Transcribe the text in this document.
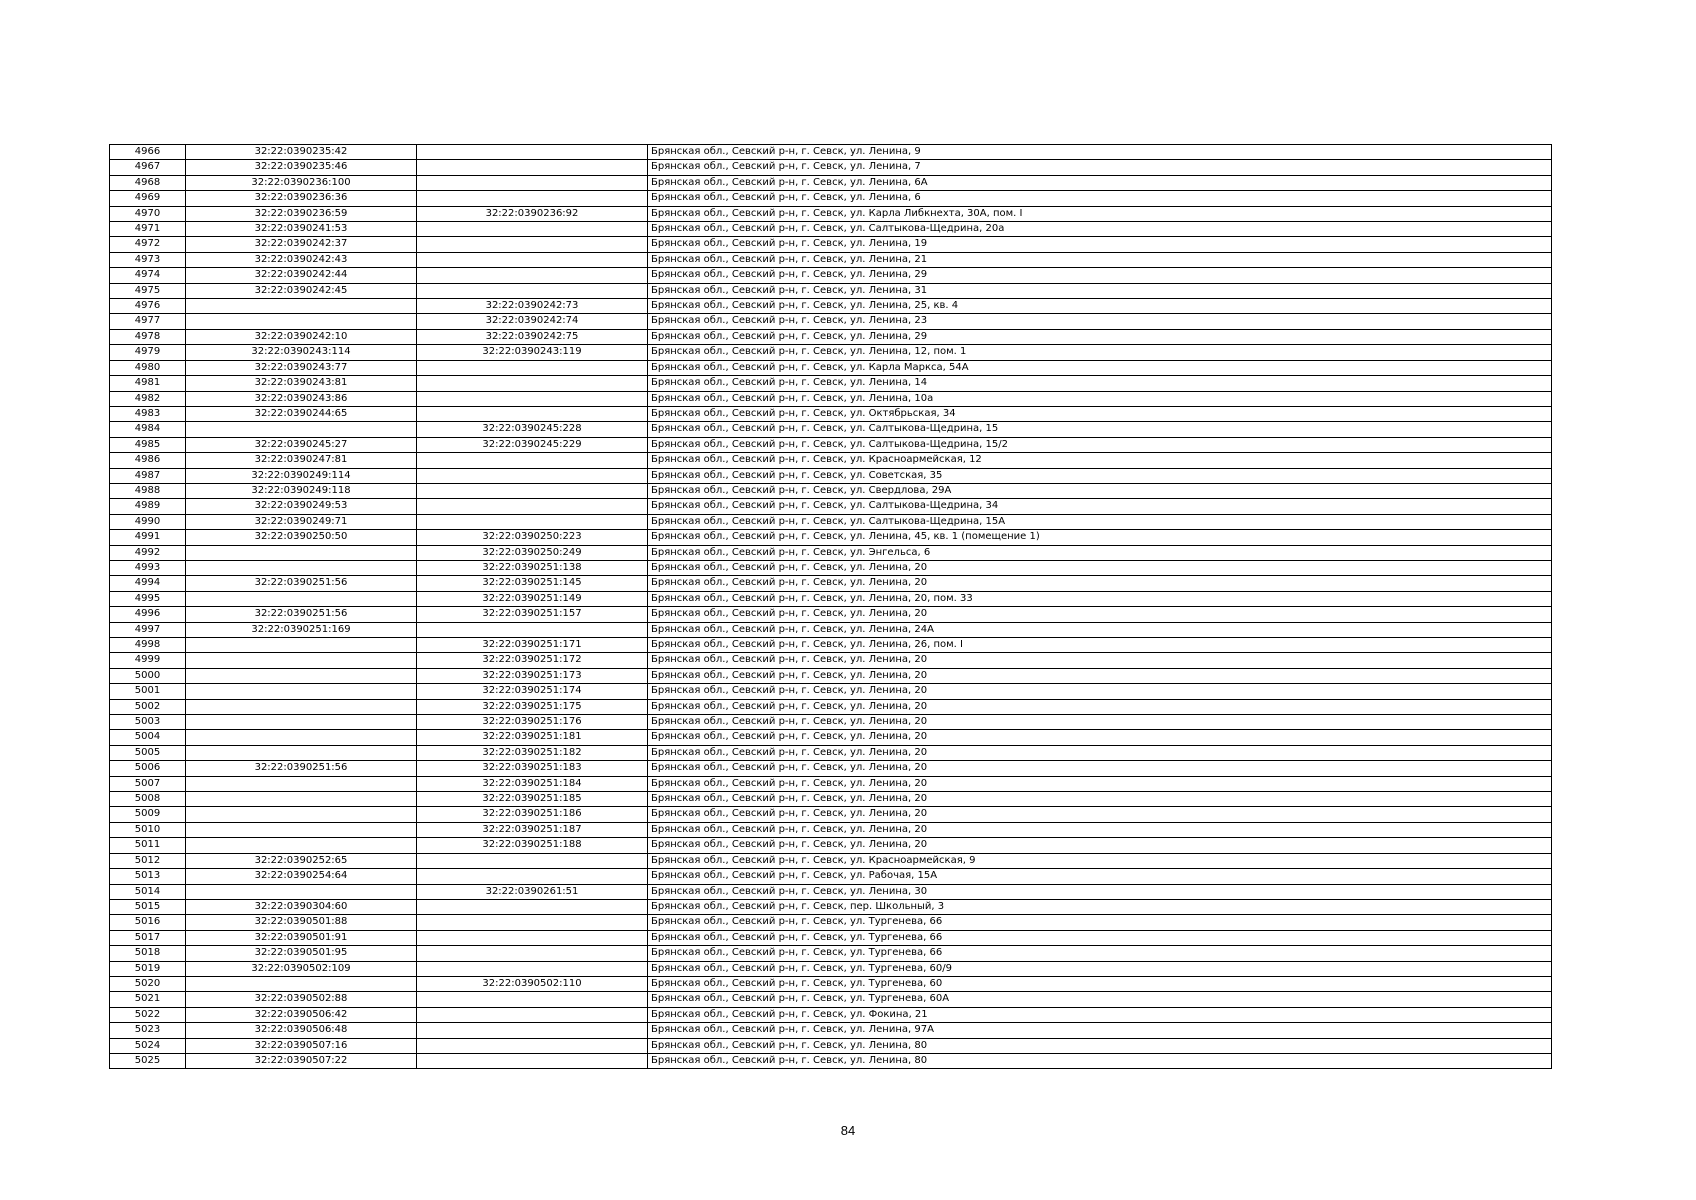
4966	32:22:0390235:42		Брянская обл., Севский р-н, г. Севск, ул. Ленина, 9
4967	32:22:0390235:46		Брянская обл., Севский р-н, г. Севск, ул. Ленина, 7
4968	32:22:0390236:100		Брянская обл., Севский р-н, г. Севск, ул. Ленина, 6А
4969	32:22:0390236:36		Брянская обл., Севский р-н, г. Севск, ул. Ленина, 6
4970	32:22:0390236:59	32:22:0390236:92	Брянская обл., Севский р-н, г. Севск, ул. Карла Либкнехта, 30А, пом. I
4971	32:22:0390241:53		Брянская обл., Севский р-н, г. Севск, ул. Салтыкова-Щедрина, 20а
4972	32:22:0390242:37		Брянская обл., Севский р-н, г. Севск, ул. Ленина, 19
4973	32:22:0390242:43		Брянская обл., Севский р-н, г. Севск, ул. Ленина, 21
4974	32:22:0390242:44		Брянская обл., Севский р-н, г. Севск, ул. Ленина, 29
4975	32:22:0390242:45		Брянская обл., Севский р-н, г. Севск, ул. Ленина, 31
4976		32:22:0390242:73	Брянская обл., Севский р-н, г. Севск, ул. Ленина, 25, кв. 4
4977		32:22:0390242:74	Брянская обл., Севский р-н, г. Севск, ул. Ленина, 23
4978	32:22:0390242:10	32:22:0390242:75	Брянская обл., Севский р-н, г. Севск, ул. Ленина, 29
4979	32:22:0390243:114	32:22:0390243:119	Брянская обл., Севский р-н, г. Севск, ул. Ленина, 12, пом. 1
4980	32:22:0390243:77		Брянская обл., Севский р-н, г. Севск, ул. Карла Маркса, 54А
4981	32:22:0390243:81		Брянская обл., Севский р-н, г. Севск, ул. Ленина, 14
4982	32:22:0390243:86		Брянская обл., Севский р-н, г. Севск, ул. Ленина, 10а
4983	32:22:0390244:65		Брянская обл., Севский р-н, г. Севск, ул. Октябрьская, 34
4984		32:22:0390245:228	Брянская обл., Севский р-н, г. Севск, ул. Салтыкова-Щедрина, 15
4985	32:22:0390245:27	32:22:0390245:229	Брянская обл., Севский р-н, г. Севск, ул. Салтыкова-Щедрина, 15/2
4986	32:22:0390247:81		Брянская обл., Севский р-н, г. Севск, ул. Красноармейская, 12
4987	32:22:0390249:114		Брянская обл., Севский р-н, г. Севск, ул. Советская, 35
4988	32:22:0390249:118		Брянская обл., Севский р-н, г. Севск, ул. Свердлова, 29А
4989	32:22:0390249:53		Брянская обл., Севский р-н, г. Севск, ул. Салтыкова-Щедрина, 34
4990	32:22:0390249:71		Брянская обл., Севский р-н, г. Севск, ул. Салтыкова-Щедрина, 15А
4991	32:22:0390250:50	32:22:0390250:223	Брянская обл., Севский р-н, г. Севск, ул. Ленина, 45, кв. 1 (помещение 1)
4992		32:22:0390250:249	Брянская обл., Севский р-н, г. Севск, ул. Энгельса, 6
4993		32:22:0390251:138	Брянская обл., Севский р-н, г. Севск, ул. Ленина, 20
4994	32:22:0390251:56	32:22:0390251:145	Брянская обл., Севский р-н, г. Севск, ул. Ленина, 20
4995		32:22:0390251:149	Брянская обл., Севский р-н, г. Севск, ул. Ленина, 20, пом. 33
4996	32:22:0390251:56	32:22:0390251:157	Брянская обл., Севский р-н, г. Севск, ул. Ленина, 20
4997	32:22:0390251:169		Брянская обл., Севский р-н, г. Севск, ул. Ленина, 24А
4998		32:22:0390251:171	Брянская обл., Севский р-н, г. Севск, ул. Ленина, 26, пом. I
4999		32:22:0390251:172	Брянская обл., Севский р-н, г. Севск, ул. Ленина, 20
5000		32:22:0390251:173	Брянская обл., Севский р-н, г. Севск, ул. Ленина, 20
5001		32:22:0390251:174	Брянская обл., Севский р-н, г. Севск, ул. Ленина, 20
5002		32:22:0390251:175	Брянская обл., Севский р-н, г. Севск, ул. Ленина, 20
5003		32:22:0390251:176	Брянская обл., Севский р-н, г. Севск, ул. Ленина, 20
5004		32:22:0390251:181	Брянская обл., Севский р-н, г. Севск, ул. Ленина, 20
5005		32:22:0390251:182	Брянская обл., Севский р-н, г. Севск, ул. Ленина, 20
5006	32:22:0390251:56	32:22:0390251:183	Брянская обл., Севский р-н, г. Севск, ул. Ленина, 20
5007		32:22:0390251:184	Брянская обл., Севский р-н, г. Севск, ул. Ленина, 20
5008		32:22:0390251:185	Брянская обл., Севский р-н, г. Севск, ул. Ленина, 20
5009		32:22:0390251:186	Брянская обл., Севский р-н, г. Севск, ул. Ленина, 20
5010		32:22:0390251:187	Брянская обл., Севский р-н, г. Севск, ул. Ленина, 20
5011		32:22:0390251:188	Брянская обл., Севский р-н, г. Севск, ул. Ленина, 20
5012	32:22:0390252:65		Брянская обл., Севский р-н, г. Севск, ул. Красноармейская, 9
5013	32:22:0390254:64		Брянская обл., Севский р-н, г. Севск, ул. Рабочая, 15А
5014		32:22:0390261:51	Брянская обл., Севский р-н, г. Севск, ул. Ленина, 30
5015	32:22:0390304:60		Брянская обл., Севский р-н, г. Севск, пер. Школьный, 3
5016	32:22:0390501:88		Брянская обл., Севский р-н, г. Севск, ул. Тургенева, 66
5017	32:22:0390501:91		Брянская обл., Севский р-н, г. Севск, ул. Тургенева, 66
5018	32:22:0390501:95		Брянская обл., Севский р-н, г. Севск, ул. Тургенева, 66
5019	32:22:0390502:109		Брянская обл., Севский р-н, г. Севск, ул. Тургенева, 60/9
5020		32:22:0390502:110	Брянская обл., Севский р-н, г. Севск, ул. Тургенева, 60
5021	32:22:0390502:88		Брянская обл., Севский р-н, г. Севск, ул. Тургенева, 60А
5022	32:22:0390506:42		Брянская обл., Севский р-н, г. Севск, ул. Фокина, 21
5023	32:22:0390506:48		Брянская обл., Севский р-н, г. Севск, ул. Ленина, 97А
5024	32:22:0390507:16		Брянская обл., Севский р-н, г. Севск, ул. Ленина, 80
5025	32:22:0390507:22		Брянская обл., Севский р-н, г. Севск, ул. Ленина, 80
84
